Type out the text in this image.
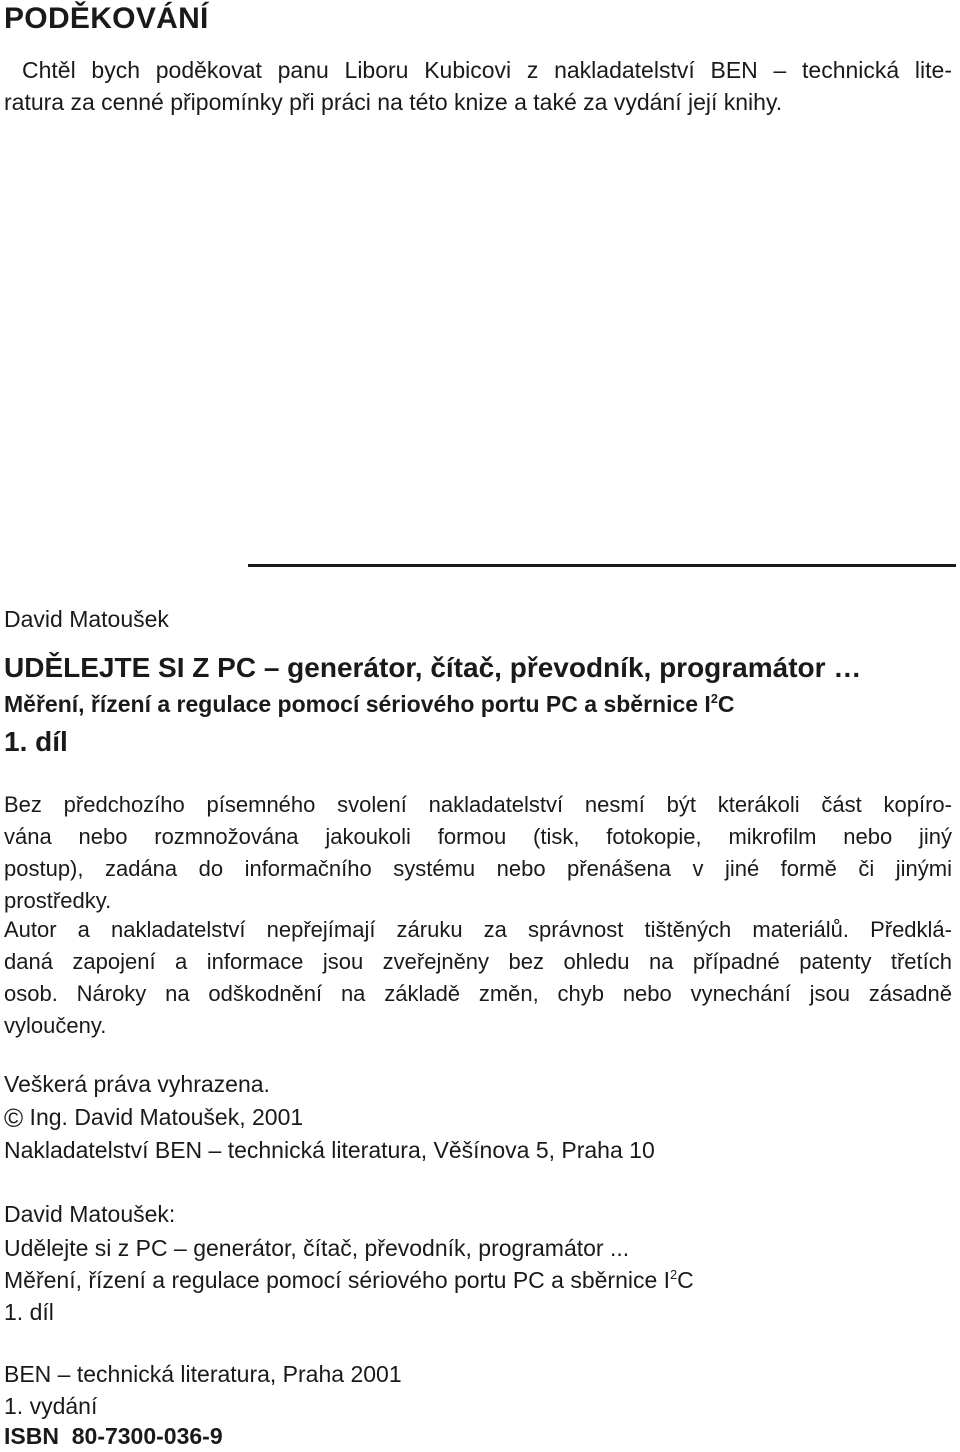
PODĚKOVÁNÍ
Chtěl bych poděkovat panu Liboru Kubicovi z nakladatelství BEN – technická lite-
ratura za cenné připomínky při práci na této knize a také za vydání její knihy.
David Matoušek
UDĚLEJTE SI Z PC – generátor, čítač, převodník, programátor …
Měření, řízení a regulace pomocí sériového portu PC a sběrnice $I^2C$
1. díl
Bez předchozího písemného svolení nakladatelství nesmí být kterákoli část kopíro-
vána nebo rozmnožována jakoukoli formou (tisk, fotokopie, mikrofilm nebo jiný
postup), zadána do informačního systému nebo přenášena v jiné formě či jinými
prostředky.
Autor a nakladatelství nepřejímají záruku za správnost tištěných materiálů. Předklá-
daná zapojení a informace jsou zveřejněny bez ohledu na případné patenty třetích
osob. Nároky na odškodnění na základě změn, chyb nebo vynechání jsou zásadně
vyloučeny.
Veškerá práva vyhrazena.
© Ing. David Matoušek, 2001
Nakladatelství BEN – technická literatura, Věšínova 5, Praha 10
David Matoušek:
Udělejte si z PC – generátor, čítač, převodník, programátor ...
Měření, řízení a regulace pomocí sériového portu PC a sběrnice $I^2C$
1. díl
BEN – technická literatura, Praha 2001
1. vydání
ISBN  80-7300-036-9
